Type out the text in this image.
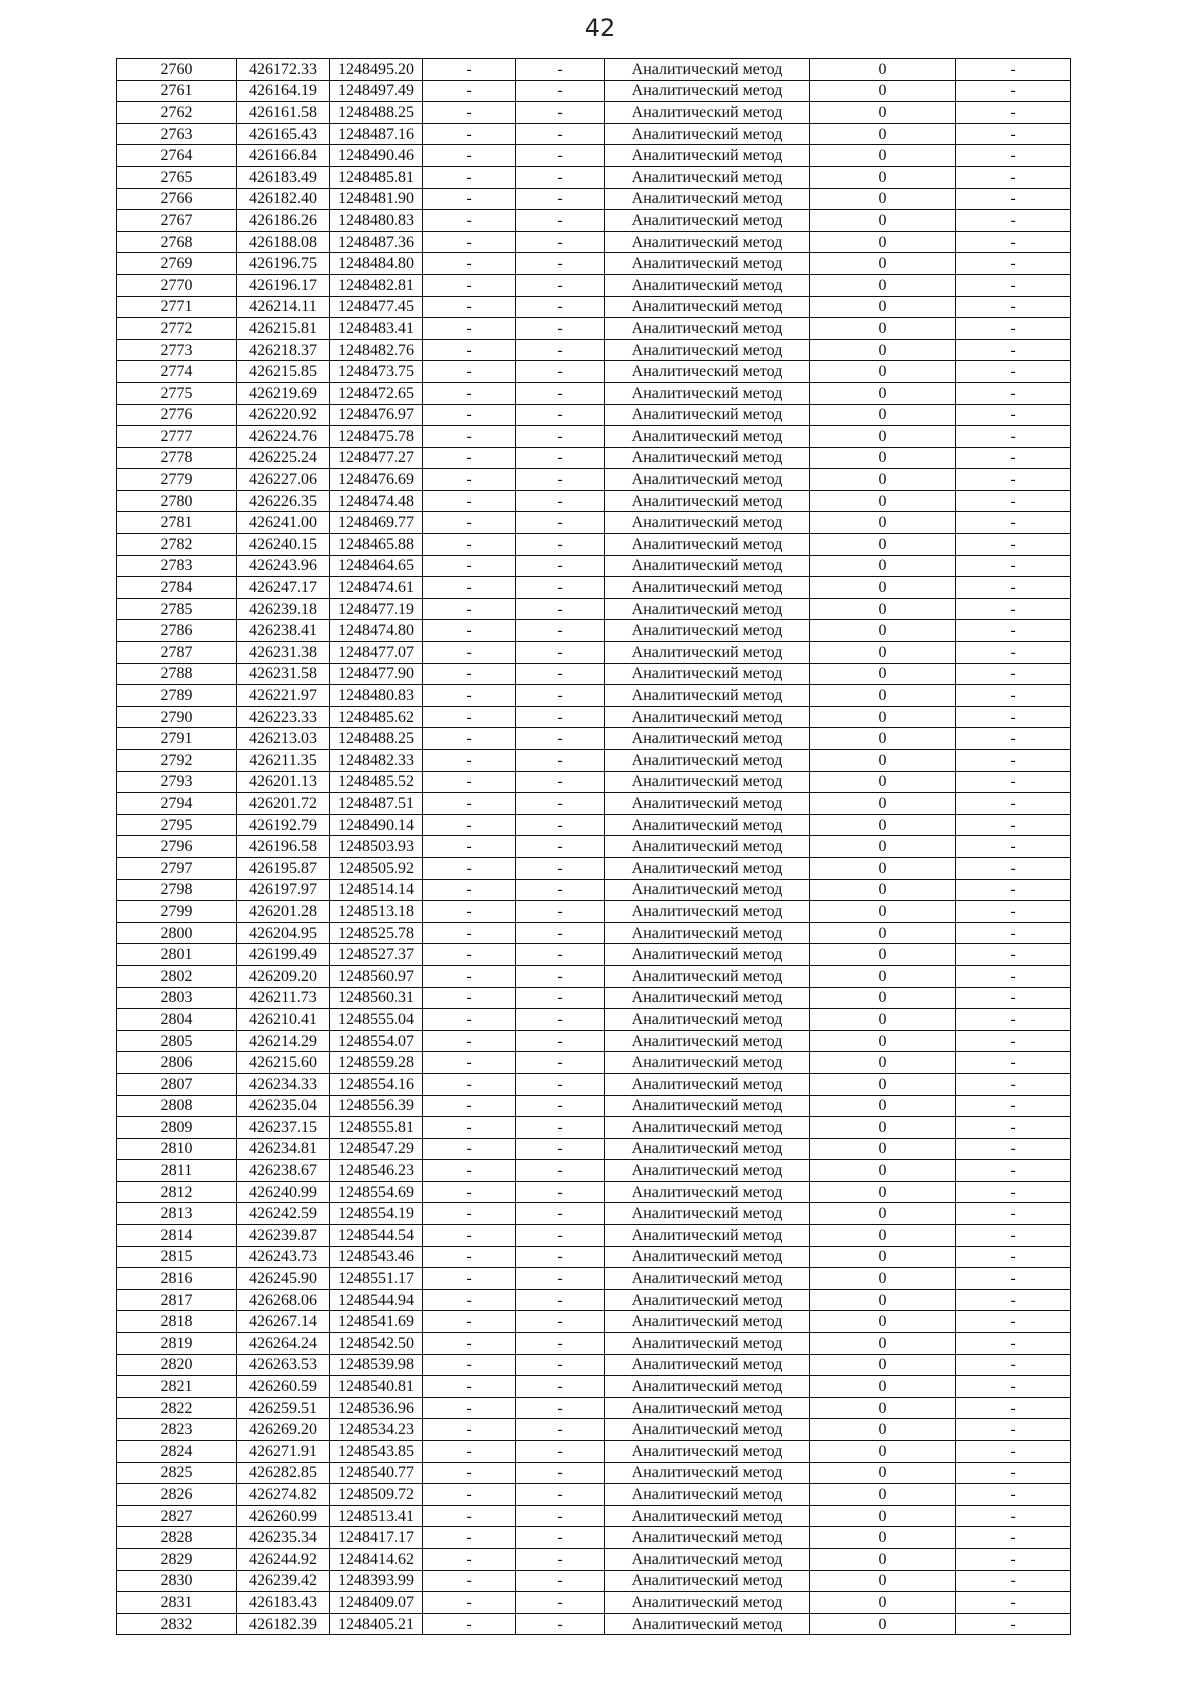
42
2760	426172.33	1248495.20	-	-	Аналитический метод	0	-
2761	426164.19	1248497.49	-	-	Аналитический метод	0	-
2762	426161.58	1248488.25	-	-	Аналитический метод	0	-
2763	426165.43	1248487.16	-	-	Аналитический метод	0	-
2764	426166.84	1248490.46	-	-	Аналитический метод	0	-
2765	426183.49	1248485.81	-	-	Аналитический метод	0	-
2766	426182.40	1248481.90	-	-	Аналитический метод	0	-
2767	426186.26	1248480.83	-	-	Аналитический метод	0	-
2768	426188.08	1248487.36	-	-	Аналитический метод	0	-
2769	426196.75	1248484.80	-	-	Аналитический метод	0	-
2770	426196.17	1248482.81	-	-	Аналитический метод	0	-
2771	426214.11	1248477.45	-	-	Аналитический метод	0	-
2772	426215.81	1248483.41	-	-	Аналитический метод	0	-
2773	426218.37	1248482.76	-	-	Аналитический метод	0	-
2774	426215.85	1248473.75	-	-	Аналитический метод	0	-
2775	426219.69	1248472.65	-	-	Аналитический метод	0	-
2776	426220.92	1248476.97	-	-	Аналитический метод	0	-
2777	426224.76	1248475.78	-	-	Аналитический метод	0	-
2778	426225.24	1248477.27	-	-	Аналитический метод	0	-
2779	426227.06	1248476.69	-	-	Аналитический метод	0	-
2780	426226.35	1248474.48	-	-	Аналитический метод	0	-
2781	426241.00	1248469.77	-	-	Аналитический метод	0	-
2782	426240.15	1248465.88	-	-	Аналитический метод	0	-
2783	426243.96	1248464.65	-	-	Аналитический метод	0	-
2784	426247.17	1248474.61	-	-	Аналитический метод	0	-
2785	426239.18	1248477.19	-	-	Аналитический метод	0	-
2786	426238.41	1248474.80	-	-	Аналитический метод	0	-
2787	426231.38	1248477.07	-	-	Аналитический метод	0	-
2788	426231.58	1248477.90	-	-	Аналитический метод	0	-
2789	426221.97	1248480.83	-	-	Аналитический метод	0	-
2790	426223.33	1248485.62	-	-	Аналитический метод	0	-
2791	426213.03	1248488.25	-	-	Аналитический метод	0	-
2792	426211.35	1248482.33	-	-	Аналитический метод	0	-
2793	426201.13	1248485.52	-	-	Аналитический метод	0	-
2794	426201.72	1248487.51	-	-	Аналитический метод	0	-
2795	426192.79	1248490.14	-	-	Аналитический метод	0	-
2796	426196.58	1248503.93	-	-	Аналитический метод	0	-
2797	426195.87	1248505.92	-	-	Аналитический метод	0	-
2798	426197.97	1248514.14	-	-	Аналитический метод	0	-
2799	426201.28	1248513.18	-	-	Аналитический метод	0	-
2800	426204.95	1248525.78	-	-	Аналитический метод	0	-
2801	426199.49	1248527.37	-	-	Аналитический метод	0	-
2802	426209.20	1248560.97	-	-	Аналитический метод	0	-
2803	426211.73	1248560.31	-	-	Аналитический метод	0	-
2804	426210.41	1248555.04	-	-	Аналитический метод	0	-
2805	426214.29	1248554.07	-	-	Аналитический метод	0	-
2806	426215.60	1248559.28	-	-	Аналитический метод	0	-
2807	426234.33	1248554.16	-	-	Аналитический метод	0	-
2808	426235.04	1248556.39	-	-	Аналитический метод	0	-
2809	426237.15	1248555.81	-	-	Аналитический метод	0	-
2810	426234.81	1248547.29	-	-	Аналитический метод	0	-
2811	426238.67	1248546.23	-	-	Аналитический метод	0	-
2812	426240.99	1248554.69	-	-	Аналитический метод	0	-
2813	426242.59	1248554.19	-	-	Аналитический метод	0	-
2814	426239.87	1248544.54	-	-	Аналитический метод	0	-
2815	426243.73	1248543.46	-	-	Аналитический метод	0	-
2816	426245.90	1248551.17	-	-	Аналитический метод	0	-
2817	426268.06	1248544.94	-	-	Аналитический метод	0	-
2818	426267.14	1248541.69	-	-	Аналитический метод	0	-
2819	426264.24	1248542.50	-	-	Аналитический метод	0	-
2820	426263.53	1248539.98	-	-	Аналитический метод	0	-
2821	426260.59	1248540.81	-	-	Аналитический метод	0	-
2822	426259.51	1248536.96	-	-	Аналитический метод	0	-
2823	426269.20	1248534.23	-	-	Аналитический метод	0	-
2824	426271.91	1248543.85	-	-	Аналитический метод	0	-
2825	426282.85	1248540.77	-	-	Аналитический метод	0	-
2826	426274.82	1248509.72	-	-	Аналитический метод	0	-
2827	426260.99	1248513.41	-	-	Аналитический метод	0	-
2828	426235.34	1248417.17	-	-	Аналитический метод	0	-
2829	426244.92	1248414.62	-	-	Аналитический метод	0	-
2830	426239.42	1248393.99	-	-	Аналитический метод	0	-
2831	426183.43	1248409.07	-	-	Аналитический метод	0	-
2832	426182.39	1248405.21	-	-	Аналитический метод	0	-
